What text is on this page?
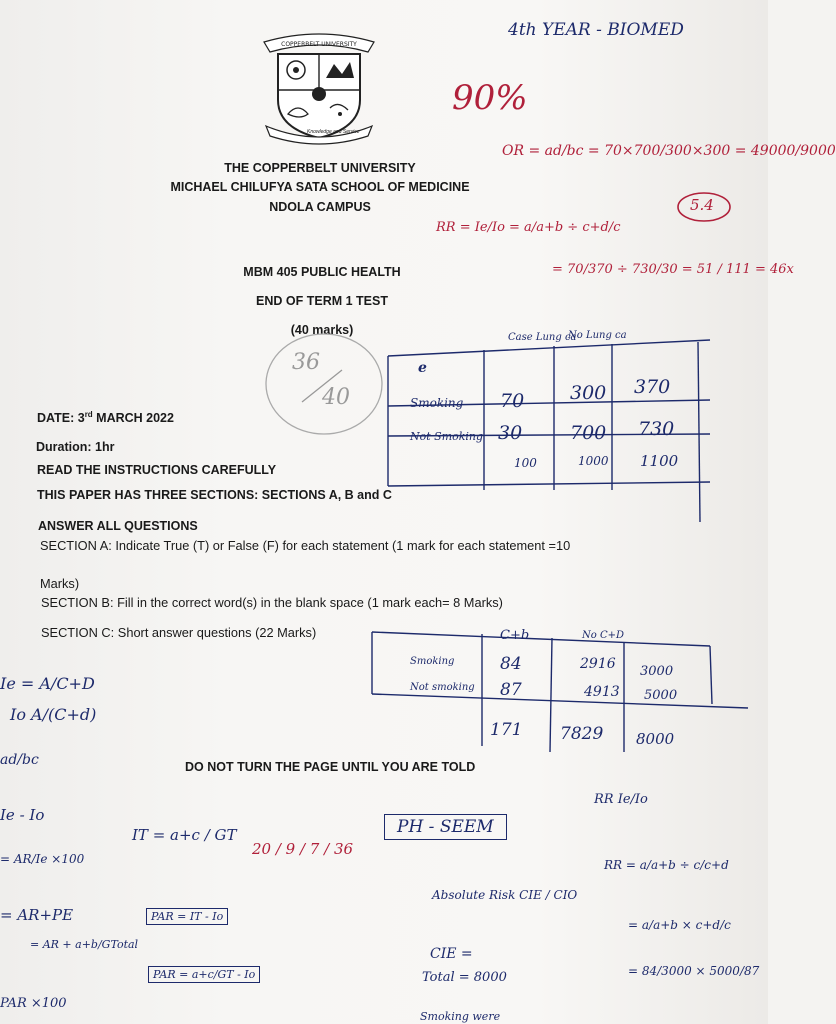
4th YEAR - BIOMED
COPPERBELT UNIVERSITY
Knowledge and Service
90%
THE COPPERBELT UNIVERSITY
MICHAEL CHILUFYA SATA SCHOOL OF MEDICINE
NDOLA CAMPUS
MBM 405 PUBLIC HEALTH
END OF TERM 1 TEST
(40 marks)
OR = ad/bc = 70×700/300×300 = 49000/9000
5.4
RR = Ie/Io = a/a+b ÷ c+d/c
= 70/370 ÷ 730/30 = 51 / 111 = 46x
36
40
Case Lung ca
No Lung ca
e
Smoking 70 300 370
Not Smoking 30	700 730
100	1000 1100
DATE: 3rd MARCH 2022
Duration: 1hr
READ THE INSTRUCTIONS CAREFULLY
THIS PAPER HAS THREE SECTIONS: SECTIONS A, B and C
ANSWER ALL QUESTIONS
SECTION A: Indicate True (T) or False (F) for each statement (1 mark for each statement =10
Marks)
SECTION B: Fill in the correct word(s) in the blank space (1 mark each= 8 Marks)
SECTION C: Short answer questions (22 Marks)	C+b	No C+D
Smoking	84	2916 3000
Not smoking 87	4913 5000
171 7829 8000
Ie = A/C+D
Io A/(C+d)
ad/bc
Ie - Io
= AR/Ie ×100
= AR+PE
= AR + a+b/GTotal
PAR ×100
DO NOT TURN THE PAGE UNTIL YOU ARE TOLD
IT = a+c / GT
PAR = IT - Io
PAR = a+c/GT - Io
20 / 9 / 7 / 36
PH - SEEM
Absolute Risk CIE / CIO
CIE =
Total = 8000
Smoking were
RR Ie/Io
RR = a/a+b ÷ c/c+d
= a/a+b × c+d/c
= 84/3000 × 5000/87
